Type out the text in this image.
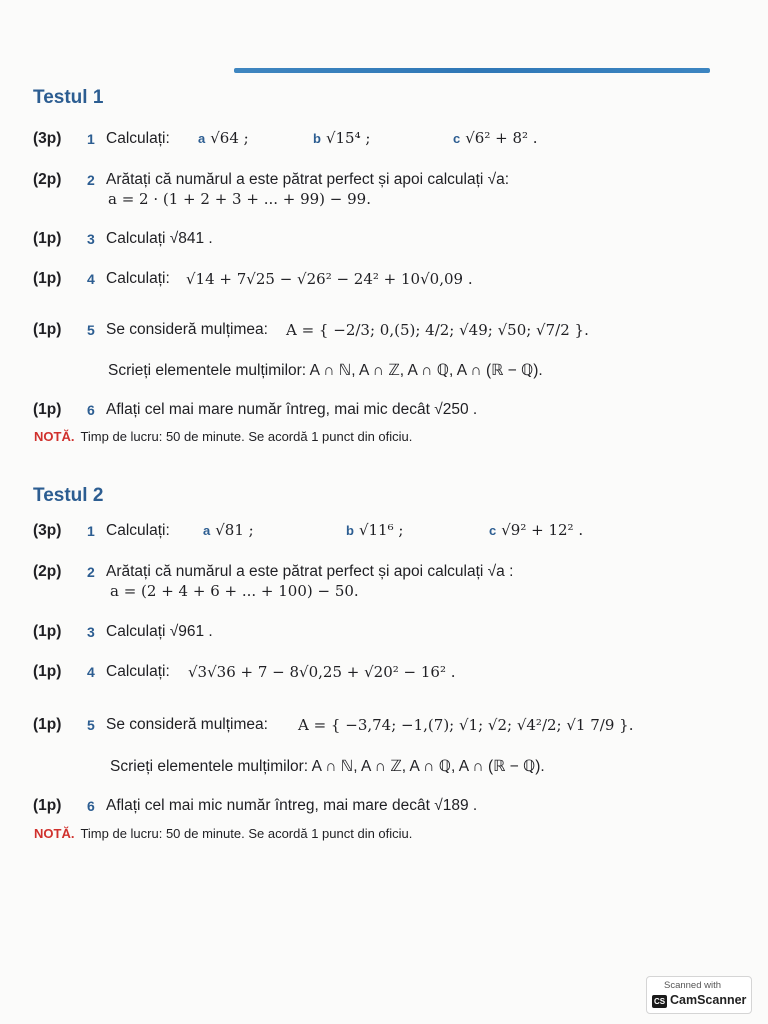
Testul 1
(3p) 1 Calculați: a √64 ;	b √15⁴ ;	c √6² + 8² .
(2p) 2 Arătați că numărul a este pătrat perfect și apoi calculați √a:
a = 2 · (1 + 2 + 3 + ... + 99) − 99.
(1p) 3 Calculați √841 .
(1p) 4 Calculați: √14 + 7√25 − √26² − 24² + 10√0,09 .
(1p) 5 Se consideră mulțimea: A = { −2/3; 0,(5); 4/2; √49; √50; √7/2 }.
Scrieți elementele mulțimilor: A ∩ ℕ, A ∩ ℤ, A ∩ ℚ, A ∩ (ℝ − ℚ).
(1p) 6 Aflați cel mai mare număr întreg, mai mic decât √250 .
NOTĂ. Timp de lucru: 50 de minute. Se acordă 1 punct din oficiu.
Testul 2
(3p) 1 Calculați:	a √81 ;	b √11⁶ ;	c √9² + 12² .
(2p) 2 Arătați că numărul a este pătrat perfect și apoi calculați √a :
a = (2 + 4 + 6 + ... + 100) − 50.
(1p) 3 Calculați √961 .
(1p) 4 Calculați: √3√36 + 7 − 8√0,25 + √20² − 16² .
(1p) 5 Se consideră mulțimea: A = { −3,74; −1,(7); √1; √2; √4²/2; √1 7/9 }.
Scrieți elementele mulțimilor: A ∩ ℕ, A ∩ ℤ, A ∩ ℚ, A ∩ (ℝ − ℚ).
(1p) 6 Aflați cel mai mic număr întreg, mai mare decât √189 .
NOTĂ. Timp de lucru: 50 de minute. Se acordă 1 punct din oficiu.
Scanned with
CS CamScanner
